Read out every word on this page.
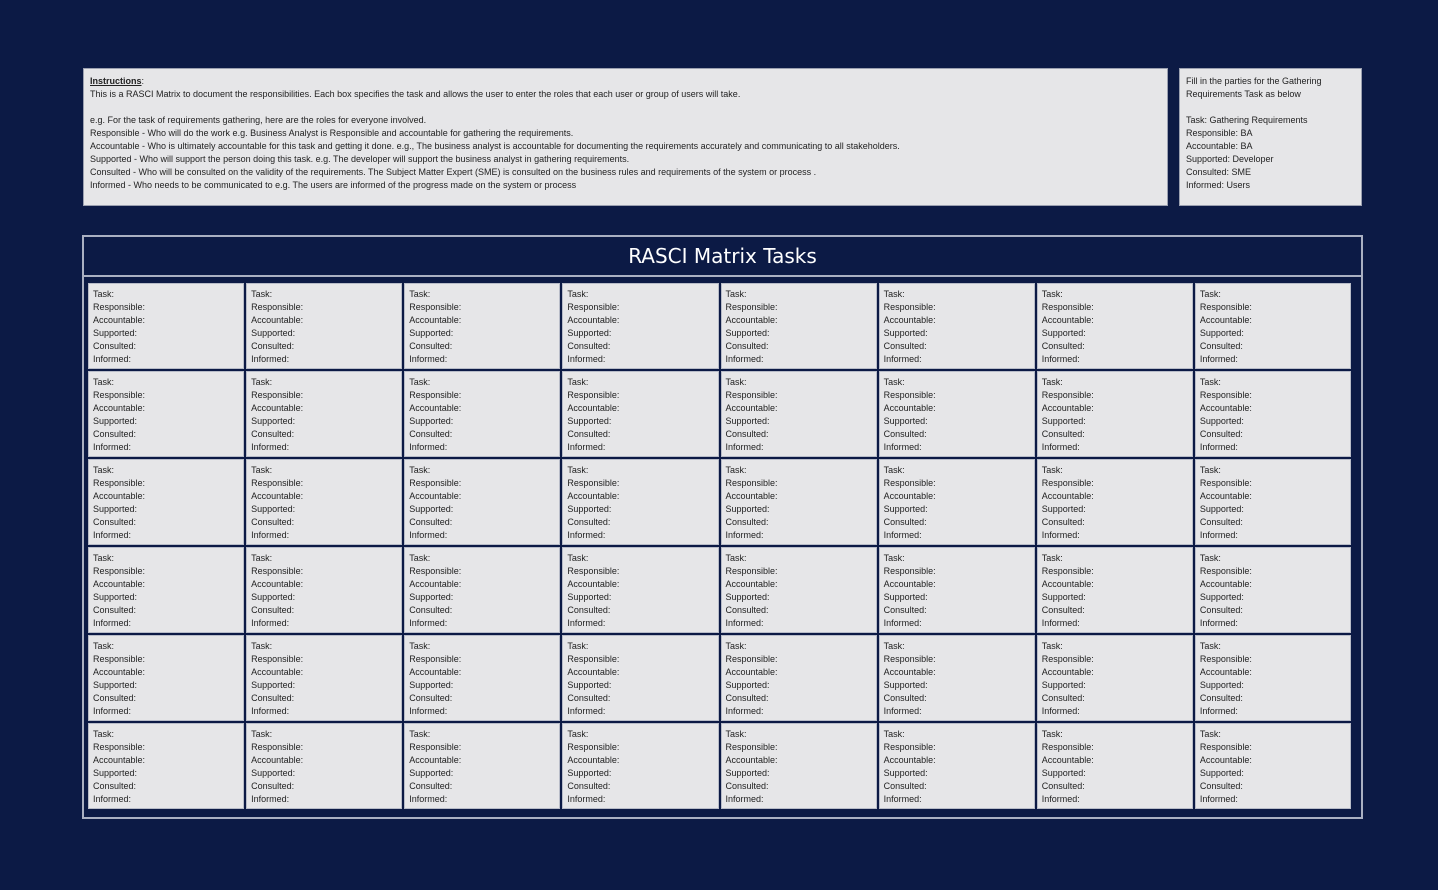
Instructions:
This is a RASCI Matrix to document the responsibilities. Each box specifies the task and allows the user to enter the roles that each user or group of users will take.
e.g. For the task of requirements gathering, here are the roles for everyone involved.
Responsible - Who will do the work e.g. Business Analyst is Responsible and accountable for gathering the requirements.
Accountable - Who is ultimately accountable for this task and getting it done. e.g., The business analyst is accountable for documenting the requirements accurately and communicating to all stakeholders.
Supported - Who will support the person doing this task. e.g. The developer will support the business analyst in gathering requirements.
Consulted - Who will be consulted on the validity of the requirements. The Subject Matter Expert (SME) is consulted on the business rules and requirements of the system or process .
Informed - Who needs to be communicated to e.g. The users are informed of the progress made on the system or process
Fill in the parties for the Gathering
Requirements Task as below
Task: Gathering Requirements
Responsible: BA
Accountable: BA
Supported: Developer
Consulted: SME
Informed: Users
RASCI Matrix Tasks
Task:
Responsible:
Accountable:
Supported:
Consulted:
Informed:
Task:
Responsible:
Accountable:
Supported:
Consulted:
Informed:
Task:
Responsible:
Accountable:
Supported:
Consulted:
Informed:
Task:
Responsible:
Accountable:
Supported:
Consulted:
Informed:
Task:
Responsible:
Accountable:
Supported:
Consulted:
Informed:
Task:
Responsible:
Accountable:
Supported:
Consulted:
Informed:
Task:
Responsible:
Accountable:
Supported:
Consulted:
Informed:
Task:
Responsible:
Accountable:
Supported:
Consulted:
Informed:
Task:
Responsible:
Accountable:
Supported:
Consulted:
Informed:
Task:
Responsible:
Accountable:
Supported:
Consulted:
Informed:
Task:
Responsible:
Accountable:
Supported:
Consulted:
Informed:
Task:
Responsible:
Accountable:
Supported:
Consulted:
Informed:
Task:
Responsible:
Accountable:
Supported:
Consulted:
Informed:
Task:
Responsible:
Accountable:
Supported:
Consulted:
Informed:
Task:
Responsible:
Accountable:
Supported:
Consulted:
Informed:
Task:
Responsible:
Accountable:
Supported:
Consulted:
Informed:
Task:
Responsible:
Accountable:
Supported:
Consulted:
Informed:
Task:
Responsible:
Accountable:
Supported:
Consulted:
Informed:
Task:
Responsible:
Accountable:
Supported:
Consulted:
Informed:
Task:
Responsible:
Accountable:
Supported:
Consulted:
Informed:
Task:
Responsible:
Accountable:
Supported:
Consulted:
Informed:
Task:
Responsible:
Accountable:
Supported:
Consulted:
Informed:
Task:
Responsible:
Accountable:
Supported:
Consulted:
Informed:
Task:
Responsible:
Accountable:
Supported:
Consulted:
Informed:
Task:
Responsible:
Accountable:
Supported:
Consulted:
Informed:
Task:
Responsible:
Accountable:
Supported:
Consulted:
Informed:
Task:
Responsible:
Accountable:
Supported:
Consulted:
Informed:
Task:
Responsible:
Accountable:
Supported:
Consulted:
Informed:
Task:
Responsible:
Accountable:
Supported:
Consulted:
Informed:
Task:
Responsible:
Accountable:
Supported:
Consulted:
Informed:
Task:
Responsible:
Accountable:
Supported:
Consulted:
Informed:
Task:
Responsible:
Accountable:
Supported:
Consulted:
Informed:
Task:
Responsible:
Accountable:
Supported:
Consulted:
Informed:
Task:
Responsible:
Accountable:
Supported:
Consulted:
Informed:
Task:
Responsible:
Accountable:
Supported:
Consulted:
Informed:
Task:
Responsible:
Accountable:
Supported:
Consulted:
Informed:
Task:
Responsible:
Accountable:
Supported:
Consulted:
Informed:
Task:
Responsible:
Accountable:
Supported:
Consulted:
Informed:
Task:
Responsible:
Accountable:
Supported:
Consulted:
Informed:
Task:
Responsible:
Accountable:
Supported:
Consulted:
Informed:
Task:
Responsible:
Accountable:
Supported:
Consulted:
Informed:
Task:
Responsible:
Accountable:
Supported:
Consulted:
Informed:
Task:
Responsible:
Accountable:
Supported:
Consulted:
Informed:
Task:
Responsible:
Accountable:
Supported:
Consulted:
Informed:
Task:
Responsible:
Accountable:
Supported:
Consulted:
Informed:
Task:
Responsible:
Accountable:
Supported:
Consulted:
Informed:
Task:
Responsible:
Accountable:
Supported:
Consulted:
Informed:
Task:
Responsible:
Accountable:
Supported:
Consulted:
Informed:
